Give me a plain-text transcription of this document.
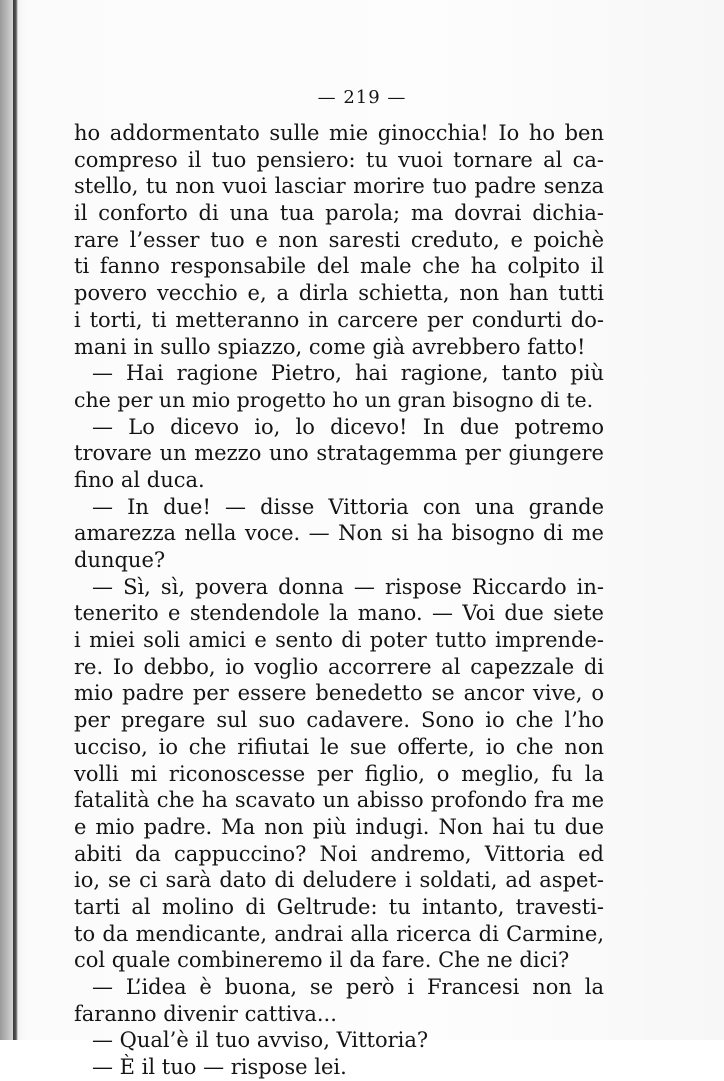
— 219 —
ho addormentato sulle mie ginocchia! Io ho ben
compreso il tuo pensiero: tu vuoi tornare al ca-
stello, tu non vuoi lasciar morire tuo padre senza
il conforto di una tua parola; ma dovrai dichia-
rare l’esser tuo e non saresti creduto, e poichè
ti fanno responsabile del male che ha colpito il
povero vecchio e, a dirla schietta, non han tutti
i torti, ti metteranno in carcere per condurti do-
mani in sullo spiazzo, come già avrebbero fatto!
— Hai ragione Pietro, hai ragione, tanto più
che per un mio progetto ho un gran bisogno di te.
— Lo dicevo io, lo dicevo! In due potremo
trovare un mezzo uno stratagemma per giungere
fino al duca.
— In due! — disse Vittoria con una grande
amarezza nella voce. — Non si ha bisogno di me
dunque?
— Sì, sì, povera donna — rispose Riccardo in-
tenerito e stendendole la mano. — Voi due siete
i miei soli amici e sento di poter tutto imprende-
re. Io debbo, io voglio accorrere al capezzale di
mio padre per essere benedetto se ancor vive, o
per pregare sul suo cadavere. Sono io che l’ho
ucciso, io che rifiutai le sue offerte, io che non
volli mi riconoscesse per figlio, o meglio, fu la
fatalità che ha scavato un abisso profondo fra me
e mio padre. Ma non più indugi. Non hai tu due
abiti da cappuccino? Noi andremo, Vittoria ed
io, se ci sarà dato di deludere i soldati, ad aspet-
tarti al molino di Geltrude: tu intanto, travesti-
to da mendicante, andrai alla ricerca di Carmine,
col quale combineremo il da fare. Che ne dici?
— L’idea è buona, se però i Francesi non la
faranno divenir cattiva...
— Qual’è il tuo avviso, Vittoria?
— È il tuo — rispose lei.
